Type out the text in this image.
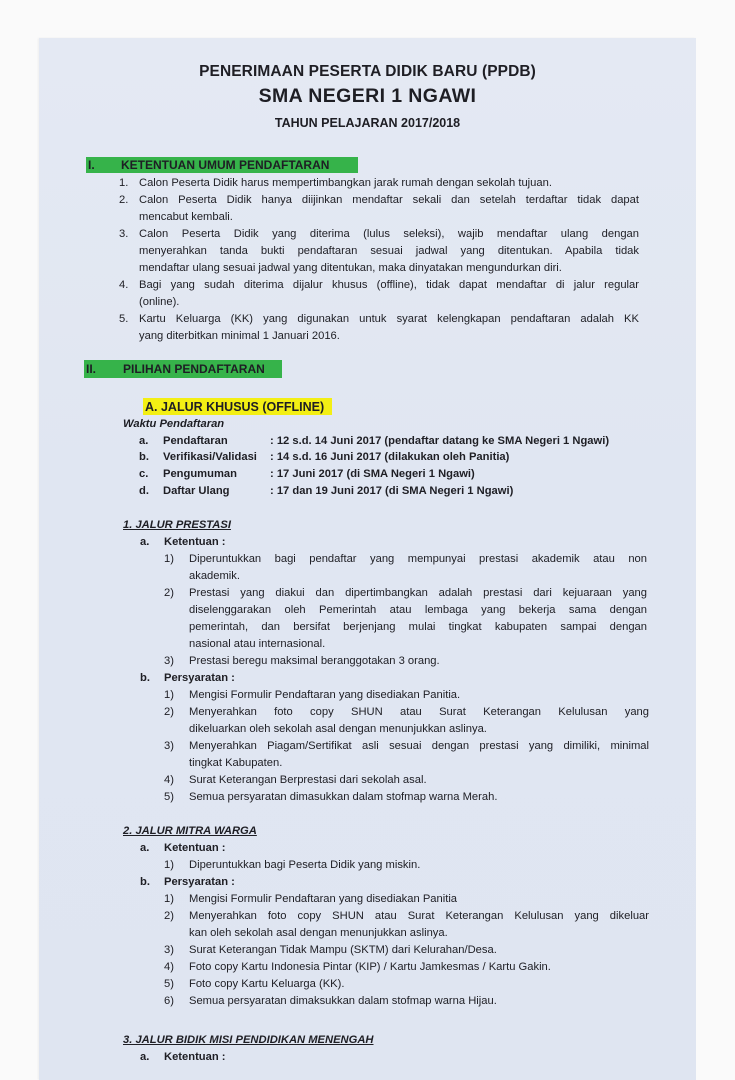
PENERIMAAN PESERTA DIDIK BARU (PPDB)
SMA NEGERI 1 NGAWI
TAHUN PELAJARAN 2017/2018
I. KETENTUAN UMUM PENDAFTARAN
1. Calon Peserta Didik harus mempertimbangkan jarak rumah dengan sekolah tujuan.
2. Calon Peserta Didik hanya diijinkan mendaftar sekali dan setelah terdaftar tidak dapat
mencabut kembali.
3. Calon Peserta Didik yang diterima (lulus seleksi), wajib mendaftar ulang dengan
menyerahkan tanda bukti pendaftaran sesuai jadwal yang ditentukan. Apabila tidak
mendaftar ulang sesuai jadwal yang ditentukan, maka dinyatakan mengundurkan diri.
4. Bagi yang sudah diterima dijalur khusus (offline), tidak dapat mendaftar di jalur regular
(online).
5. Kartu Keluarga (KK) yang digunakan untuk syarat kelengkapan pendaftaran adalah KK
yang diterbitkan minimal 1 Januari 2016.
II. PILIHAN PENDAFTARAN
A. JALUR KHUSUS (OFFLINE)
Waktu Pendaftaran
a. Pendaftaran	: 12 s.d. 14 Juni 2017 (pendaftar datang ke SMA Negeri 1 Ngawi)
b. Verifikasi/Validasi : 14 s.d. 16 Juni 2017 (dilakukan oleh Panitia)
c. Pengumuman	: 17 Juni 2017 (di SMA Negeri 1 Ngawi)
d. Daftar Ulang	: 17 dan 19 Juni 2017 (di SMA Negeri 1 Ngawi)
1. JALUR PRESTASI
a. Ketentuan :
1) Diperuntukkan bagi pendaftar yang mempunyai prestasi akademik atau non
akademik.
2) Prestasi yang diakui dan dipertimbangkan adalah prestasi dari kejuaraan yang
diselenggarakan oleh Pemerintah atau lembaga yang bekerja sama dengan
pemerintah, dan bersifat berjenjang mulai tingkat kabupaten sampai dengan
nasional atau internasional.
3) Prestasi beregu maksimal beranggotakan 3 orang.
b. Persyaratan :
1) Mengisi Formulir Pendaftaran yang disediakan Panitia.
2) Menyerahkan foto copy SHUN atau Surat Keterangan Kelulusan yang
dikeluarkan oleh sekolah asal dengan menunjukkan aslinya.
3) Menyerahkan Piagam/Sertifikat asli sesuai dengan prestasi yang dimiliki, minimal
tingkat Kabupaten.
4) Surat Keterangan Berprestasi dari sekolah asal.
5) Semua persyaratan dimasukkan dalam stofmap warna Merah.
2. JALUR MITRA WARGA
a. Ketentuan :
1) Diperuntukkan bagi Peserta Didik yang miskin.
b. Persyaratan :
1) Mengisi Formulir Pendaftaran yang disediakan Panitia
2) Menyerahkan foto copy SHUN atau Surat Keterangan Kelulusan yang dikeluar
kan oleh sekolah asal dengan menunjukkan aslinya.
3) Surat Keterangan Tidak Mampu (SKTM) dari Kelurahan/Desa.
4) Foto copy Kartu Indonesia Pintar (KIP) / Kartu Jamkesmas / Kartu Gakin.
5) Foto copy Kartu Keluarga (KK).
6) Semua persyaratan dimaksukkan dalam stofmap warna Hijau.
3. JALUR BIDIK MISI PENDIDIKAN MENENGAH
a. Ketentuan :
